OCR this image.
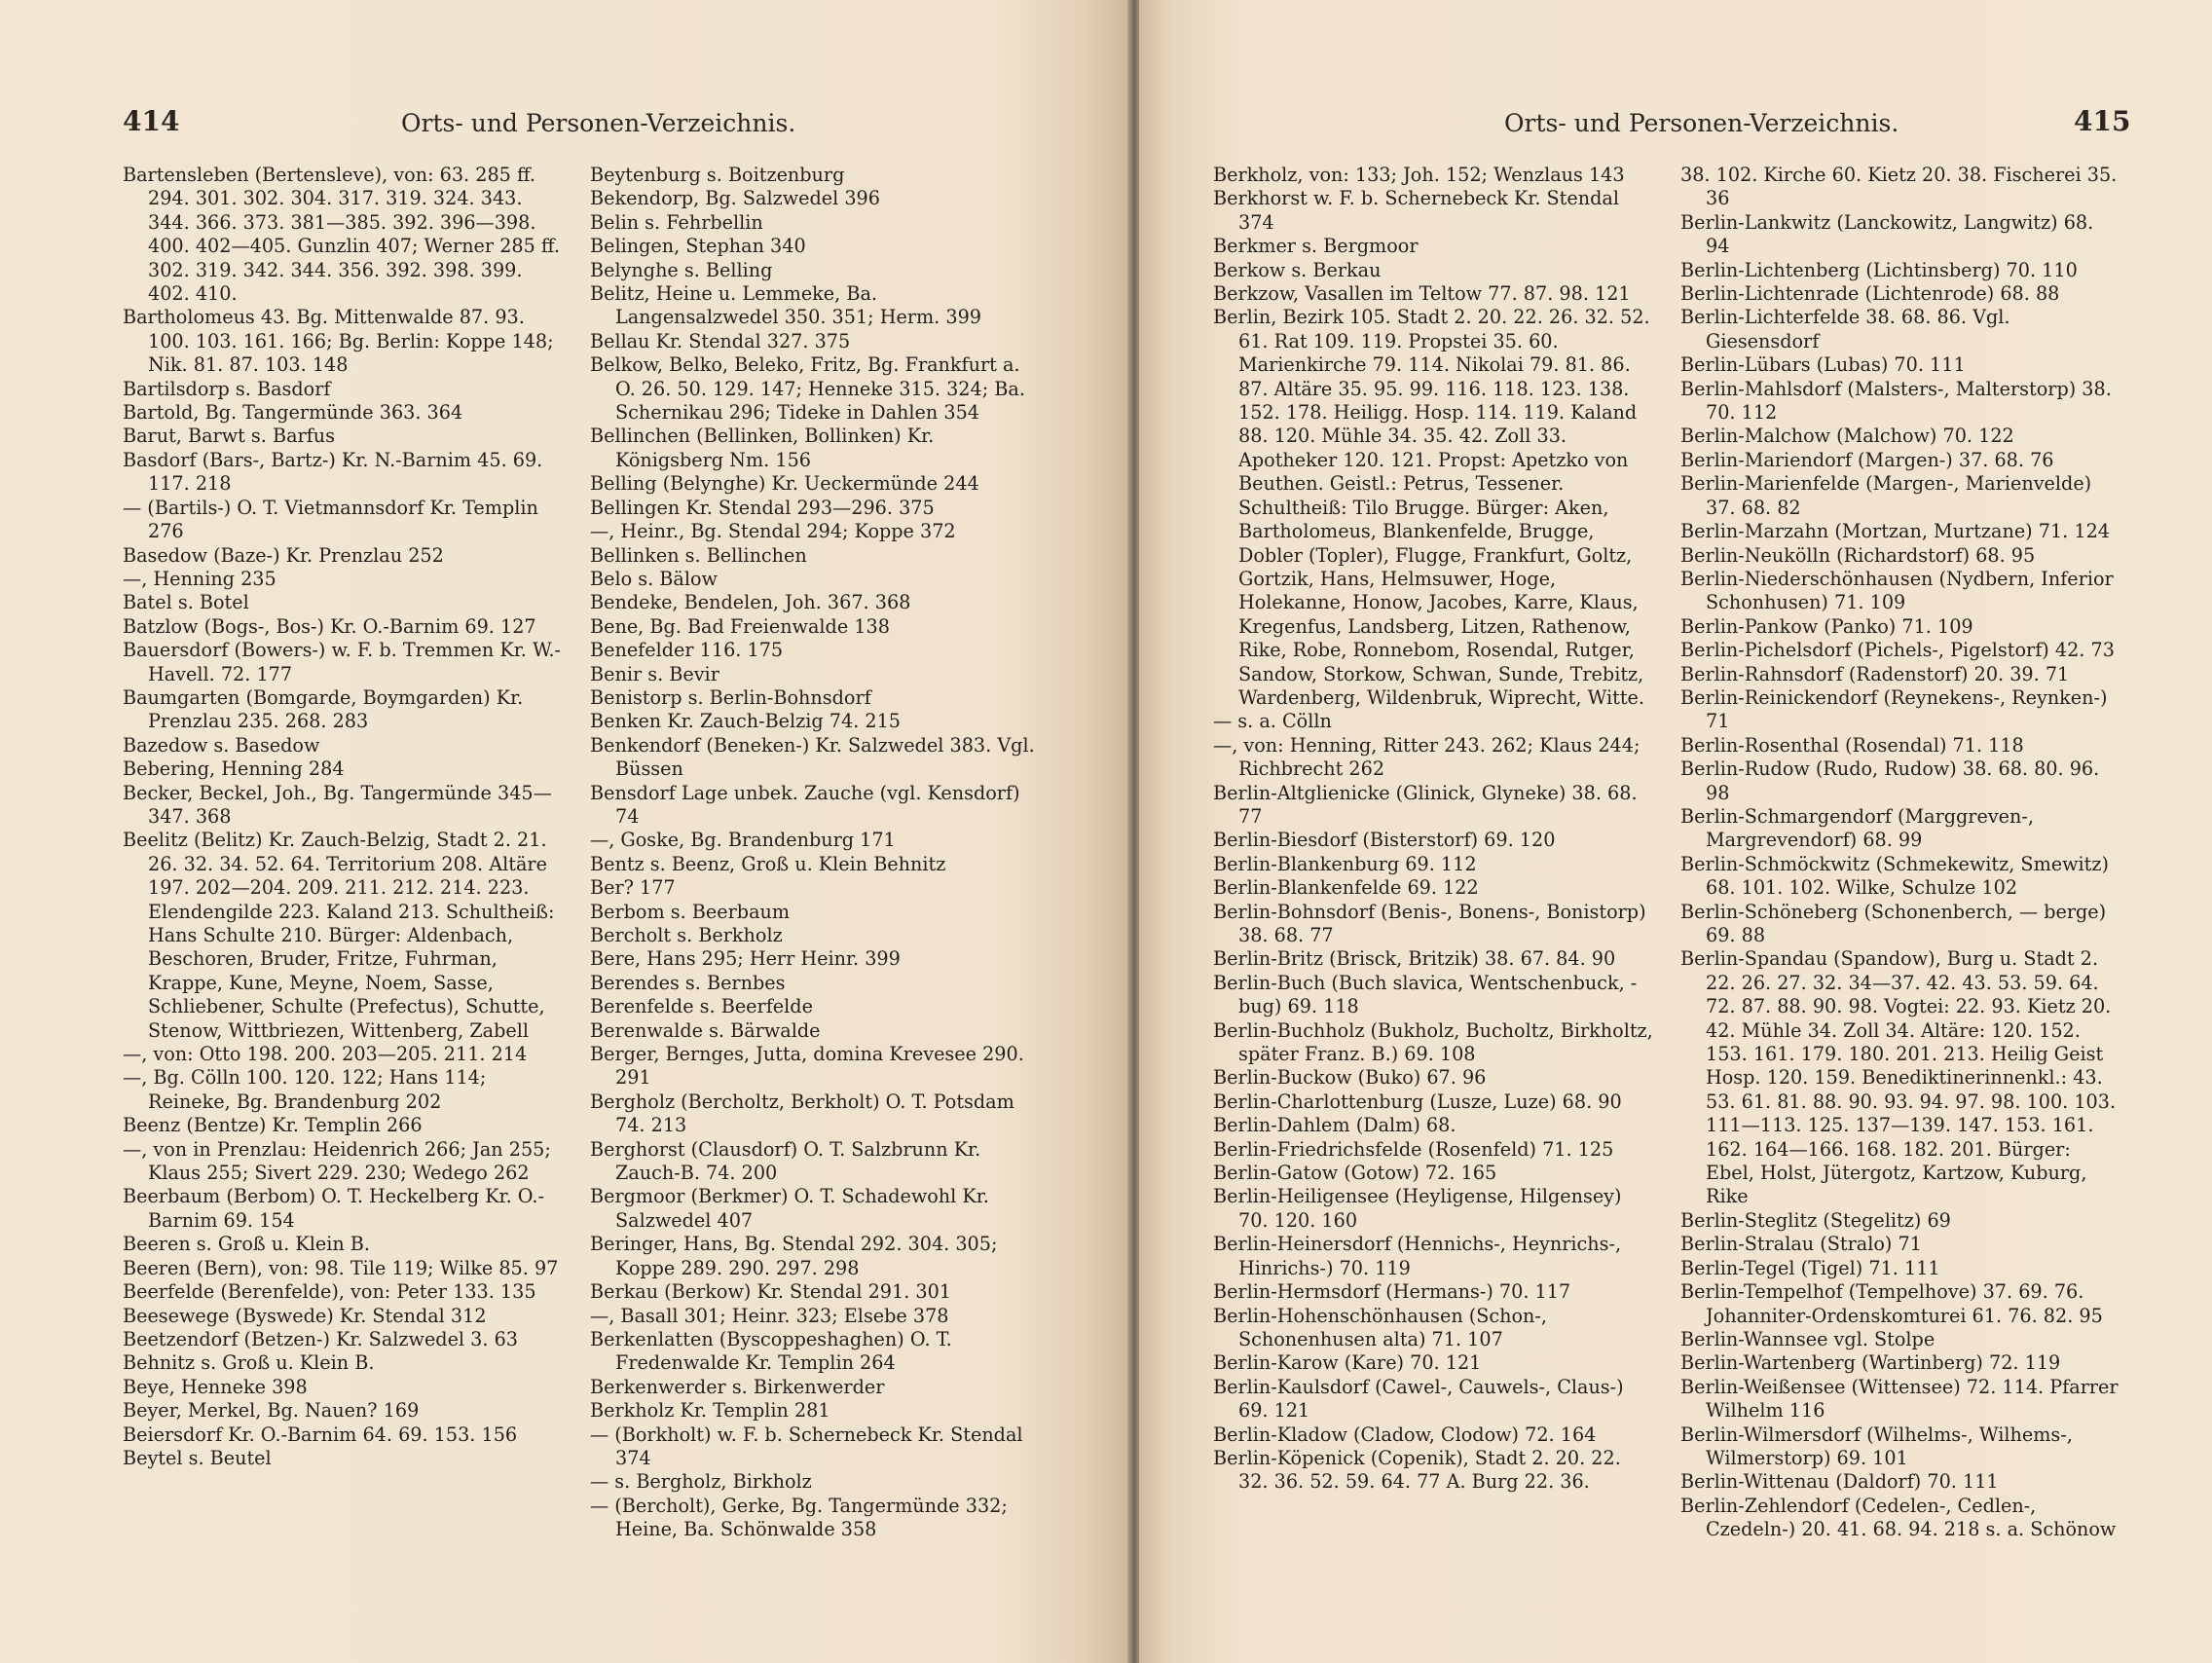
414	Orts- und Personen-Verzeichnis.
Bartensleben (Bertenslеve), von: 63. 285 ff. 294. 301. 302. 304. 317. 319. 324. 343. 344. 366. 373. 381—385. 392. 396—398. 400. 402—405. Gunzlin 407; Werner 285 ff. 302. 319. 342. 344. 356. 392. 398. 399. 402. 410.
Bartholomeus 43. Bg. Mittenwalde 87. 93. 100. 103. 161. 166; Bg. Berlin: Koppe 148; Nik. 81. 87. 103. 148
Bartilsdorp s. Basdorf
Bartold, Bg. Tangermünde 363. 364
Barut, Barwt s. Barfus
Basdorf (Bars-, Bartz-) Kr. N.-Barnim 45. 69. 117. 218
— (Bartils-) O. T. Vietmannsdorf Kr. Templin 276
Basedow (Baze-) Kr. Prenzlau 252
—, Henning 235
Batel s. Botel
Batzlow (Bogs-, Bos-) Kr. O.-Barnim 69. 127
Bauersdorf (Bowers-) w. F. b. Tremmen Kr. W.-Havell. 72. 177
Baumgarten (Bomgarde, Boymgarden) Kr. Prenzlau 235. 268. 283
Bazedow s. Basedow
Bebering, Henning 284
Becker, Beckel, Joh., Bg. Tangermünde 345—347. 368
Beelitz (Belitz) Kr. Zauch-Belzig, Stadt 2. 21. 26. 32. 34. 52. 64. Territorium 208. Altäre 197. 202—204. 209. 211. 212. 214. 223. Elendengilde 223. Kaland 213. Schultheiß: Hans Schulte 210. Bürger: Aldenbach, Beschoren, Bruder, Fritze, Fuhrman, Krappe, Kune, Meyne, Noem, Sasse, Schliebener, Schulte (Prefectus), Schutte, Stenow, Wittbriezen, Wittenberg, Zabell
—, von: Otto 198. 200. 203—205. 211. 214
—, Bg. Cölln 100. 120. 122; Hans 114; Reineke, Bg. Brandenburg 202
Beenz (Bentze) Kr. Templin 266
—, von in Prenzlau: Heidenrich 266; Jan 255; Klaus 255; Sivert 229. 230; Wedego 262
Beerbaum (Berbom) O. T. Heckelberg Kr. O.-Barnim 69. 154
Beeren s. Groß u. Klein B.
Beeren (Bern), von: 98. Tile 119; Wilke 85. 97
Beerfelde (Berenfelde), von: Peter 133. 135
Beesewege (Byswede) Kr. Stendal 312
Beetzendorf (Betzen-) Kr. Salzwedel 3. 63
Behnitz s. Groß u. Klein B.
Beye, Henneke 398
Beyer, Merkel, Bg. Nauen? 169
Beiersdorf Kr. O.-Barnim 64. 69. 153. 156
Beytel s. Beutel
Beytenburg s. Boitzenburg
Bekendorp, Bg. Salzwedel 396
Belin s. Fehrbellin
Belingen, Stephan 340
Belynghe s. Belling
Belitz, Heine u. Lemmeke, Ba. Langensalzwedel 350. 351; Herm. 399
Bellau Kr. Stendal 327. 375
Belkow, Belko, Beleko, Fritz, Bg. Frankfurt a. O. 26. 50. 129. 147; Henneke 315. 324; Ba. Schernikau 296; Tideke in Dahlen 354
Bellinchen (Bellinken, Bollinken) Kr. Königsberg Nm. 156
Belling (Belynghe) Kr. Ueckermünde 244
Bellingen Kr. Stendal 293—296. 375
—, Heinr., Bg. Stendal 294; Koppe 372
Bellinken s. Bellinchen
Belo s. Bälow
Bendeke, Bendelen, Joh. 367. 368
Bene, Bg. Bad Freienwalde 138
Benefelder 116. 175
Benir s. Bevir
Benistorp s. Berlin-Bohnsdorf
Benken Kr. Zauch-Belzig 74. 215
Benkendorf (Beneken-) Kr. Salzwedel 383. Vgl. Büssen
Bensdorf Lage unbek. Zauche (vgl. Kensdorf) 74
—, Goske, Bg. Brandenburg 171
Bentz s. Beenz, Groß u. Klein Behnitz
Ber? 177
Berbom s. Beerbaum
Bercholt s. Berkholz
Bere, Hans 295; Herr Heinr. 399
Berendes s. Bernbes
Berenfelde s. Beerfelde
Berenwalde s. Bärwalde
Berger, Bernges, Jutta, domina Krevesee 290. 291
Bergholz (Bercholtz, Berkholt) O. T. Potsdam 74. 213
Berghorst (Clausdorf) O. T. Salzbrunn Kr. Zauch-B. 74. 200
Bergmoor (Berkmer) O. T. Schadewohl Kr. Salzwedel 407
Beringer, Hans, Bg. Stendal 292. 304. 305; Koppe 289. 290. 297. 298
Berkau (Berkow) Kr. Stendal 291. 301
—, Basall 301; Heinr. 323; Elsebe 378
Berkenlatten (Byscoppeshaghen) O. T. Fredenwalde Kr. Templin 264
Berkenwerder s. Birkenwerder
Berkholz Kr. Templin 281
— (Borkholt) w. F. b. Schernebeck Kr. Stendal 374
— s. Bergholz, Birkholz
— (Bercholt), Gerke, Bg. Tangermünde 332; Heine, Ba. Schönwalde 358
Orts- und Personen-Verzeichnis.	415
Berkholz, von: 133; Joh. 152; Wenzlaus 143
Berkhorst w. F. b. Schernebeck Kr. Stendal 374
Berkmer s. Bergmoor
Berkow s. Berkau
Berkzow, Vasallen im Teltow 77. 87. 98. 121
Berlin, Bezirk 105. Stadt 2. 20. 22. 26. 32. 52. 61. Rat 109. 119. Propstei 35. 60. Marienkirche 79. 114. Nikolai 79. 81. 86. 87. Altäre 35. 95. 99. 116. 118. 123. 138. 152. 178. Heiligg. Hosp. 114. 119. Kaland 88. 120. Mühle 34. 35. 42. Zoll 33. Apotheker 120. 121. Propst: Apetzko von Beuthen. Geistl.: Petrus, Tessener. Schultheiß: Tilo Brugge. Bürger: Aken, Bartholomeus, Blankenfelde, Brugge, Dobler (Topler), Flugge, Frankfurt, Goltz, Gortzik, Hans, Helmsuwer, Hoge, Holekanne, Honow, Jacobes, Karre, Klaus, Kregenfus, Landsberg, Litzen, Rathenow, Rike, Robe, Ronnebom, Rosendal, Rutger, Sandow, Storkow, Schwan, Sunde, Trebitz, Wardenberg, Wildenbruk, Wiprecht, Witte.
— s. a. Cölln
—, von: Henning, Ritter 243. 262; Klaus 244; Richbrecht 262
Berlin-Altglienicke (Glinick, Glyneke) 38. 68. 77
Berlin-Biesdorf (Bisterstorf) 69. 120
Berlin-Blankenburg 69. 112
Berlin-Blankenfelde 69. 122
Berlin-Bohnsdorf (Benis-, Bonens-, Bonistorp) 38. 68. 77
Berlin-Britz (Brisck, Britzik) 38. 67. 84. 90
Berlin-Buch (Buch slavica, Wentschenbuck, -bug) 69. 118
Berlin-Buchholz (Bukholz, Bucholtz, Birkholtz, später Franz. B.) 69. 108
Berlin-Buckow (Buko) 67. 96
Berlin-Charlottenburg (Lusze, Luze) 68. 90
Berlin-Dahlem (Dalm) 68.
Berlin-Friedrichsfelde (Rosenfeld) 71. 125
Berlin-Gatow (Gotow) 72. 165
Berlin-Heiligensee (Heyligense, Hilgensey) 70. 120. 160
Berlin-Heinersdorf (Hennichs-, Heynrichs-, Hinrichs-) 70. 119
Berlin-Hermsdorf (Hermans-) 70. 117
Berlin-Hohenschönhausen (Schon-, Schonenhusen alta) 71. 107
Berlin-Karow (Kare) 70. 121
Berlin-Kaulsdorf (Cawel-, Cauwels-, Claus-) 69. 121
Berlin-Kladow (Cladow, Clodow) 72. 164
Berlin-Köpenick (Copenik), Stadt 2. 20. 22. 32. 36. 52. 59. 64. 77 A. Burg 22. 36.
38. 102. Kirche 60. Kietz 20. 38. Fischerei 35. 36
Berlin-Lankwitz (Lanckowitz, Langwitz) 68. 94
Berlin-Lichtenberg (Lichtinsberg) 70. 110
Berlin-Lichtenrade (Lichtenrode) 68. 88
Berlin-Lichterfelde 38. 68. 86. Vgl. Giesensdorf
Berlin-Lübars (Lubas) 70. 111
Berlin-Mahlsdorf (Malsters-, Malterstorp) 38. 70. 112
Berlin-Malchow (Malchow) 70. 122
Berlin-Mariendorf (Margen-) 37. 68. 76
Berlin-Marienfelde (Margen-, Marienvelde) 37. 68. 82
Berlin-Marzahn (Mortzan, Murtzane) 71. 124
Berlin-Neukölln (Richardstorf) 68. 95
Berlin-Niederschönhausen (Nydbern, Inferior Schonhusen) 71. 109
Berlin-Pankow (Panko) 71. 109
Berlin-Pichelsdorf (Pichels-, Pigelstorf) 42. 73
Berlin-Rahnsdorf (Radenstorf) 20. 39. 71
Berlin-Reinickendorf (Reynekens-, Reynken-) 71
Berlin-Rosenthal (Rosendal) 71. 118
Berlin-Rudow (Rudo, Rudow) 38. 68. 80. 96. 98
Berlin-Schmargendorf (Marggreven-, Margrevendorf) 68. 99
Berlin-Schmöckwitz (Schmekewitz, Smewitz) 68. 101. 102. Wilke, Schulze 102
Berlin-Schöneberg (Schonenberch, — berge) 69. 88
Berlin-Spandau (Spandow), Burg u. Stadt 2. 22. 26. 27. 32. 34—37. 42. 43. 53. 59. 64. 72. 87. 88. 90. 98. Vogtei: 22. 93. Kietz 20. 42. Mühle 34. Zoll 34. Altäre: 120. 152. 153. 161. 179. 180. 201. 213. Heilig Geist Hosp. 120. 159. Benediktinerinnenkl.: 43. 53. 61. 81. 88. 90. 93. 94. 97. 98. 100. 103. 111—113. 125. 137—139. 147. 153. 161. 162. 164—166. 168. 182. 201. Bürger: Ebel, Holst, Jütergotz, Kartzow, Kuburg, Rike
Berlin-Steglitz (Stegelitz) 69
Berlin-Stralau (Stralo) 71
Berlin-Tegel (Tigel) 71. 111
Berlin-Tempelhof (Tempelhove) 37. 69. 76. Johanniter-Ordenskomturei 61. 76. 82. 95
Berlin-Wannsee vgl. Stolpe
Berlin-Wartenberg (Wartinberg) 72. 119
Berlin-Weißensee (Wittensee) 72. 114. Pfarrer Wilhelm 116
Berlin-Wilmersdorf (Wilhelms-, Wilhems-, Wilmerstorp) 69. 101
Berlin-Wittenau (Daldorf) 70. 111
Berlin-Zehlendorf (Cedelen-, Cedlen-, Czedeln-) 20. 41. 68. 94. 218 s. a. Schönow
